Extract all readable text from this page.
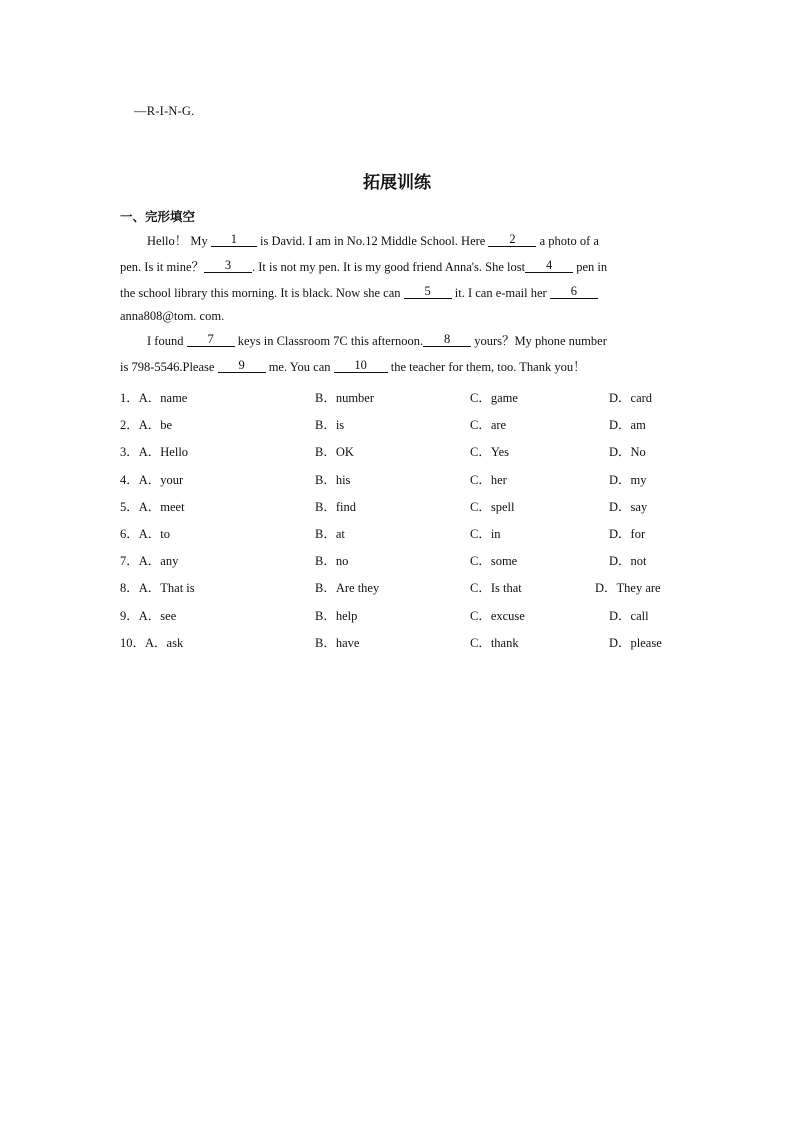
—R-I-N-G.
拓展训练
一、完形填空
Hello！ My 1 is David. I am in No.12 Middle School. Here 2 a photo of a
pen. Is it mine？ 3 . It is not my pen. It is my good friend Anna's. She lost 4 pen in
the school library this morning. It is black. Now she can 5 it. I can e-mail her 6
anna808@tom. com.
I found 7 keys in Classroom 7C this afternoon. 8 yours？My phone number
is 798-5546.Please 9 me. You can 10 the teacher for them, too. Thank you！
1．A．name	B．number	C．game	D．card
2．A．be	B．is	C．are	D．am
3．A．Hello	B．OK	C．Yes	D．No
4．A．your	B．his	C．her	D．my
5．A．meet	B．find	C．spell	D．say
6．A．to	B．at	C．in	D．for
7．A．any	B．no	C．some	D．not
8．A．That is	B．Are they	C．Is that	D．They are
9．A．see	B．help	C．excuse	D．call
10．A．ask	B．have	C．thank	D．please
